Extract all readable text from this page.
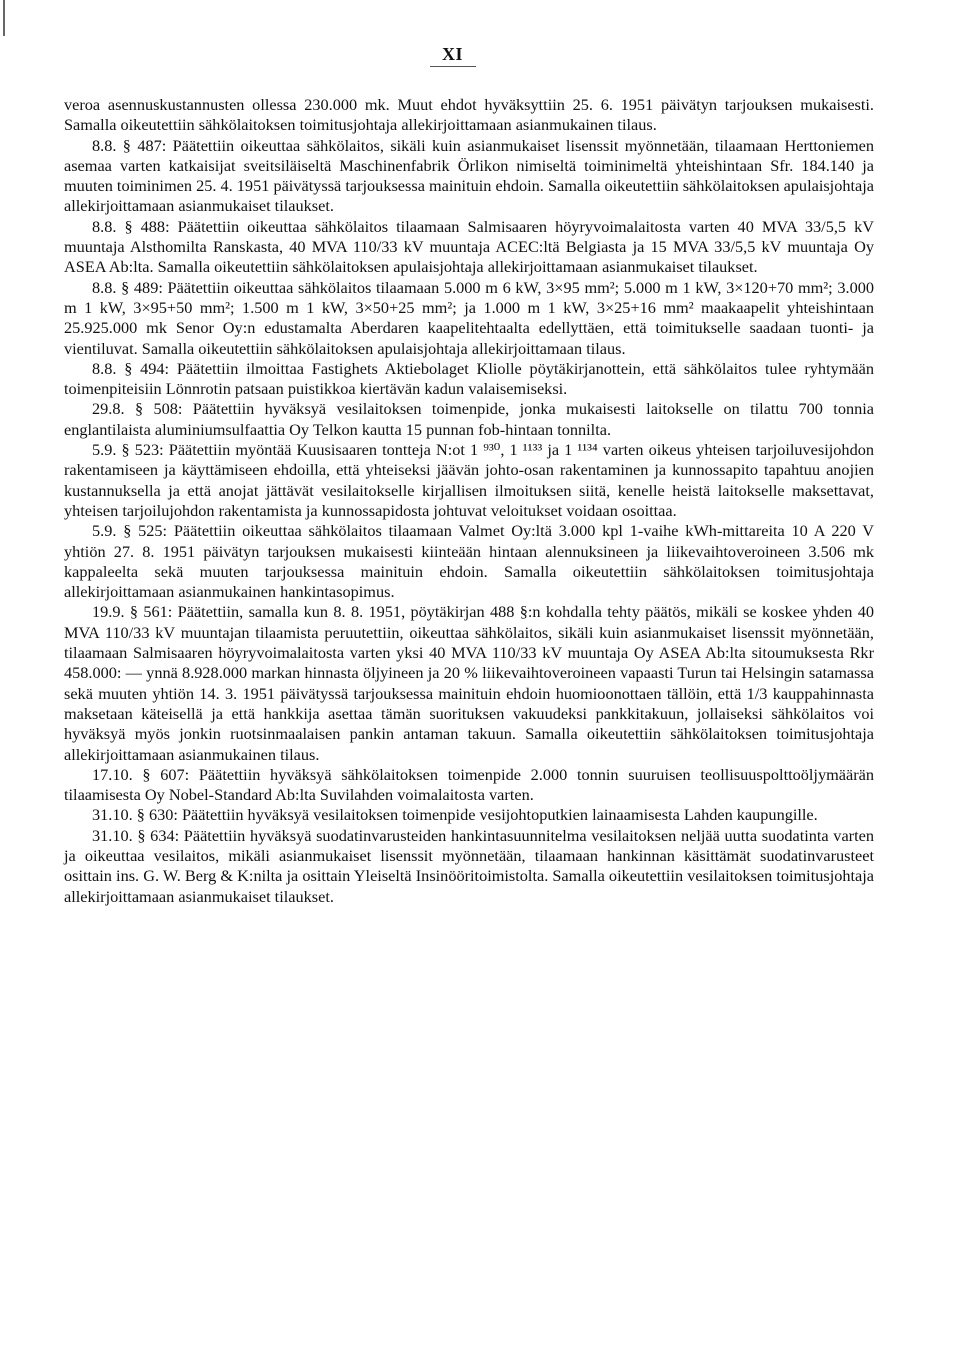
XI

veroa asennuskustannusten ollessa 230.000 mk. Muut ehdot hyväksyttiin 25. 6. 1951 päivätyn tarjouksen mukaisesti. Samalla oikeutettiin sähkölaitoksen toimitusjohtaja allekirjoittamaan asianmukainen tilaus.

8.8. § 487: Päätettiin oikeuttaa sähkölaitos, sikäli kuin asianmukaiset lisenssit myönnetään, tilaamaan Herttoniemen asemaa varten katkaisijat sveitsiläiseltä Maschinenfabrik Örlikon nimiseltä toiminimeltä yhteishintaan Sfr. 184.140 ja muuten toiminimen 25. 4. 1951 päivätyssä tarjouksessa mainituin ehdoin. Samalla oikeutettiin sähkölaitoksen apulaisjohtaja allekirjoittamaan asianmukaiset tilaukset.

8.8. § 488: Päätettiin oikeuttaa sähkölaitos tilaamaan Salmisaaren höyryvoimalaitosta varten 40 MVA 33/5,5 kV muuntaja Alsthomilta Ranskasta, 40 MVA 110/33 kV muuntaja ACEC:ltä Belgiasta ja 15 MVA 33/5,5 kV muuntaja Oy ASEA Ab:lta. Samalla oikeutettiin sähkölaitoksen apulaisjohtaja allekirjoittamaan asianmukaiset tilaukset.

8.8. § 489: Päätettiin oikeuttaa sähkölaitos tilaamaan 5.000 m 6 kW, 3×95 mm²; 5.000 m 1 kW, 3×120+70 mm²; 3.000 m 1 kW, 3×95+50 mm²; 1.500 m 1 kW, 3×50+25 mm²; ja 1.000 m 1 kW, 3×25+16 mm² maakaapelit yhteishintaan 25.925.000 mk Senor Oy:n edustamalta Aberdaren kaapelitehtaalta edellyttäen, että toimitukselle saadaan tuonti- ja vientiluvat. Samalla oikeutettiin sähkölaitoksen apulaisjohtaja allekirjoittamaan tilaus.

8.8. § 494: Päätettiin ilmoittaa Fastighets Aktiebolaget Kliolle pöytäkirjanottein, että sähkölaitos tulee ryhtymään toimenpiteisiin Lönnrotin patsaan puistikkoa kiertävän kadun valaisemiseksi.

29.8. § 508: Päätettiin hyväksyä vesilaitoksen toimenpide, jonka mukaisesti laitokselle on tilattu 700 tonnia englantilaista aluminiumsulfaattia Oy Telkon kautta 15 punnan fob-hintaan tonnilta.

5.9. § 523: Päätettiin myöntää Kuusisaaren tontteja N:ot 1 ⁹³⁰, 1 ¹¹³³ ja 1 ¹¹³⁴ varten oikeus yhteisen tarjoiluvesijohdon rakentamiseen ja käyttämiseen ehdoilla, että yhteiseksi jäävän johto-osan rakentaminen ja kunnossapito tapahtuu anojien kustannuksella ja että anojat jättävät vesilaitokselle kirjallisen ilmoituksen siitä, kenelle heistä laitokselle maksettavat, yhteisen tarjoilujohdon rakentamista ja kunnossapidosta johtuvat veloitukset voidaan osoittaa.

5.9. § 525: Päätettiin oikeuttaa sähkölaitos tilaamaan Valmet Oy:ltä 3.000 kpl 1-vaihe kWh-mittareita 10 A 220 V yhtiön 27. 8. 1951 päivätyn tarjouksen mukaisesti kiinteään hintaan alennuksineen ja liikevaihtoveroineen 3.506 mk kappaleelta sekä muuten tarjouksessa mainituin ehdoin. Samalla oikeutettiin sähkölaitoksen toimitusjohtaja allekirjoittamaan asianmukainen hankintasopimus.

19.9. § 561: Päätettiin, samalla kun 8. 8. 1951, pöytäkirjan 488 §:n kohdalla tehty päätös, mikäli se koskee yhden 40 MVA 110/33 kV muuntajan tilaamista peruutettiin, oikeuttaa sähkölaitos, sikäli kuin asianmukaiset lisenssit myönnetään, tilaamaan Salmisaaren höyryvoimalaitosta varten yksi 40 MVA 110/33 kV muuntaja Oy ASEA Ab:lta sitoumuksesta Rkr 458.000: — ynnä 8.928.000 markan hinnasta öljyineen ja 20 % liikevaihtoveroineen vapaasti Turun tai Helsingin satamassa sekä muuten yhtiön 14. 3. 1951 päivätyssä tarjouksessa mainituin ehdoin huomioonottaen tällöin, että 1/3 kauppahinnasta maksetaan käteisellä ja että hankkija asettaa tämän suorituksen vakuudeksi pankkitakuun, jollaiseksi sähkölaitos voi hyväksyä myös jonkin ruotsinmaalaisen pankin antaman takuun. Samalla oikeutettiin sähkölaitoksen toimitusjohtaja allekirjoittamaan asianmukainen tilaus.

17.10. § 607: Päätettiin hyväksyä sähkölaitoksen toimenpide 2.000 tonnin suuruisen teollisuuspolttoöljymäärän tilaamisesta Oy Nobel-Standard Ab:lta Suvilahden voimalaitosta varten.

31.10. § 630: Päätettiin hyväksyä vesilaitoksen toimenpide vesijohtoputkien lainaamisesta Lahden kaupungille.

31.10. § 634: Päätettiin hyväksyä suodatinvarusteiden hankintasuunnitelma vesilaitoksen neljää uutta suodatinta varten ja oikeuttaa vesilaitos, mikäli asianmukaiset lisenssit myönnetään, tilaamaan hankinnan käsittämät suodatinvarusteet osittain ins. G. W. Berg & K:nilta ja osittain Yleiseltä Insinööritoimistolta. Samalla oikeutettiin vesilaitoksen toimitusjohtaja allekirjoittamaan asianmukaiset tilaukset.
